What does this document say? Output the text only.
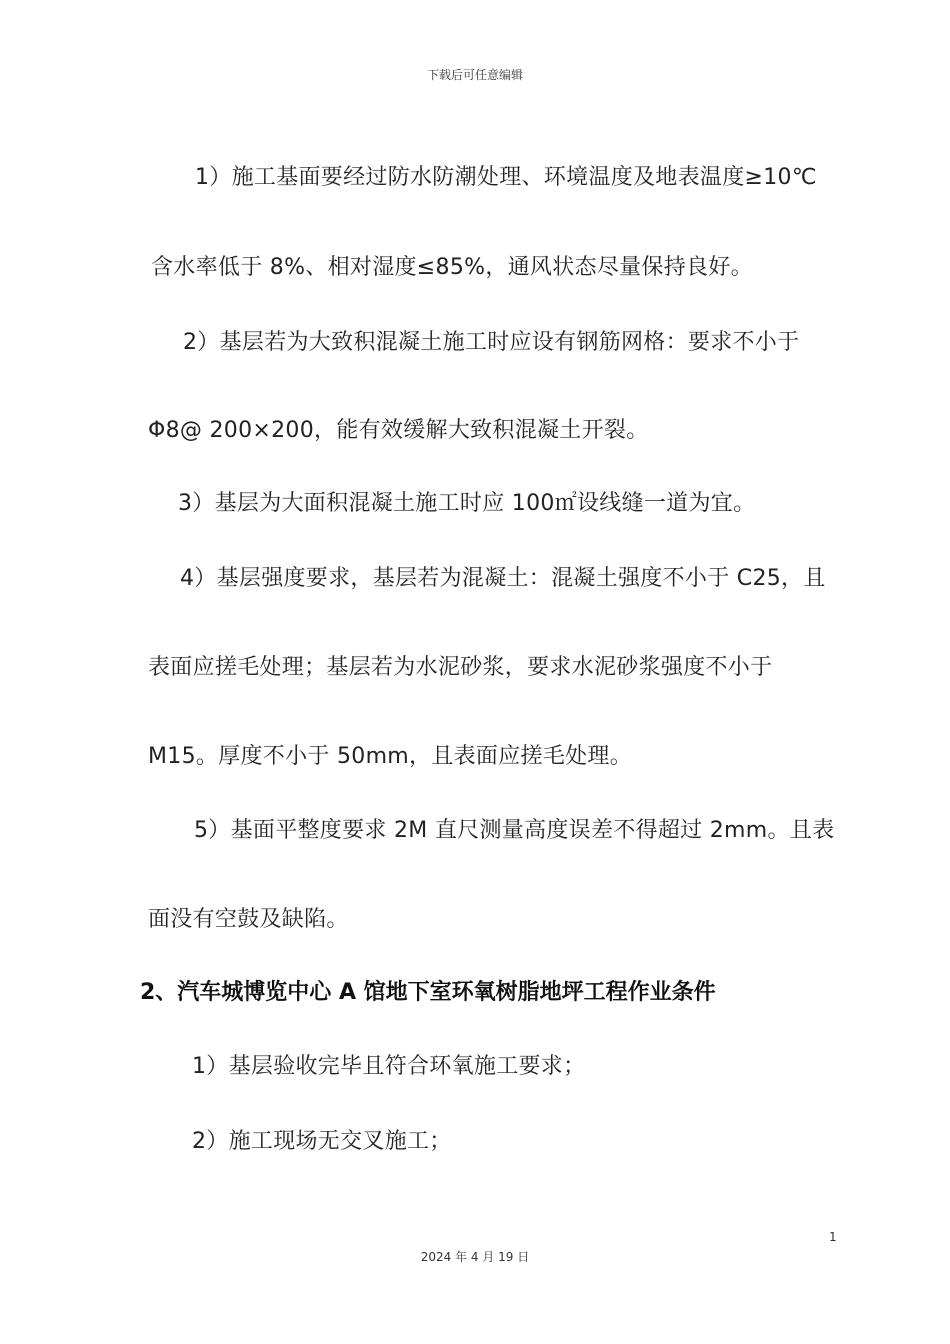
下载后可任意编辑
1）施工基面要经过防水防潮处理、环境温度及地表温度≥10℃
含水率低于 8%、相对湿度≤85%，通风状态尽量保持良好。
2）基层若为大致积混凝土施工时应设有钢筋网格：要求不小于
Φ8@ 200×200，能有效缓解大致积混凝土开裂。
3）基层为大面积混凝土施工时应 100㎡设线缝一道为宜。
4）基层强度要求，基层若为混凝土：混凝土强度不小于 C25，且
表面应搓毛处理；基层若为水泥砂浆，要求水泥砂浆强度不小于
M15。厚度不小于 50mm，且表面应搓毛处理。
5）基面平整度要求 2M 直尺测量高度误差不得超过 2mm。且表
面没有空鼓及缺陷。
2、汽车城博览中心 A 馆地下室环氧树脂地坪工程作业条件
1）基层验收完毕且符合环氧施工要求；
2）施工现场无交叉施工；
1
2024 年 4 月 19 日
